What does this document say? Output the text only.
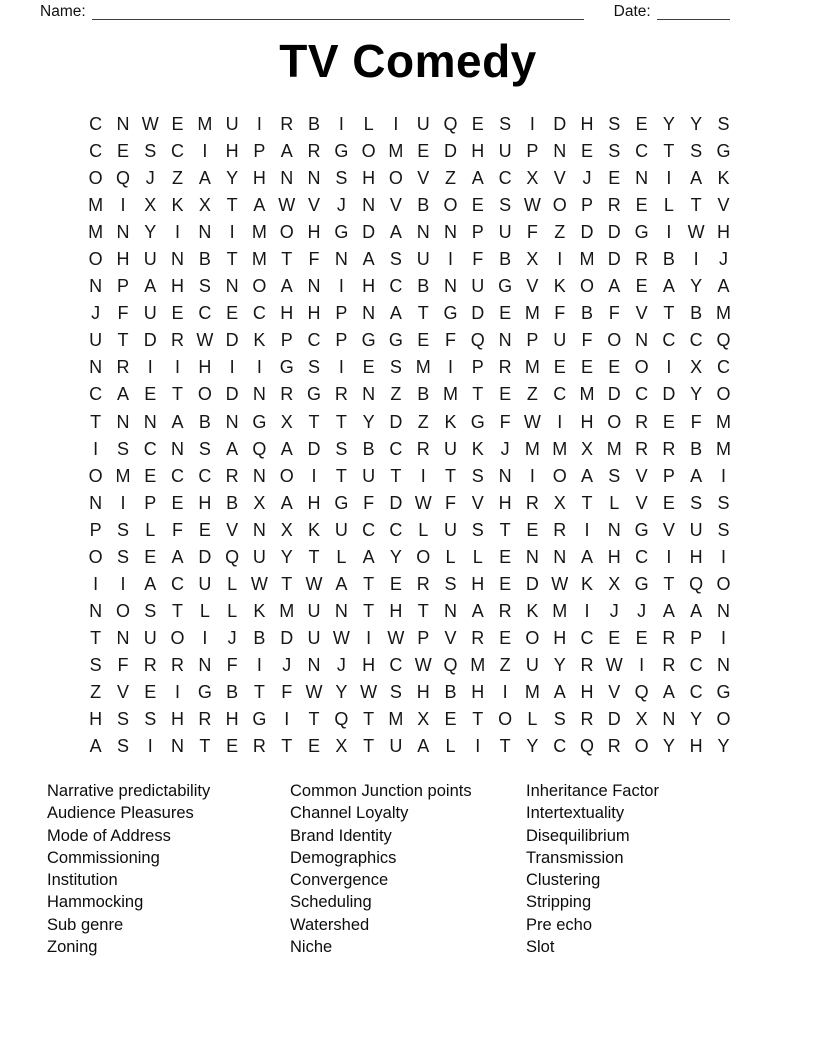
Name:	Date:
TV Comedy
C N W E M U	I	R B	I	L	I	U Q E S	I	D H S E Y Y S
C E S C	I	H P A R G O M E D H U P N E S C T S G
O Q J Z A Y H N N S H O V Z A C X V J E N	I	A K
M I	X K X T A W V J N V B O E S W O P R E L T V
M N Y	I	N	I M O H G D A N N P U F Z D D G I W H
O H U N B T M T F N A S U	I	F B X	I M D R B	I	J
N P A H S N O A N	I	H C B N U G V K O A E A Y A
J F U E C E C H H P N A T G D E M F B F V T B M
U T D R W D K P C P G G E F Q N P U F O N C C Q
N R	I	I	H	I	I G S	I	E S M I	P R M E E E O I	X C
C A E T O D N R G R N Z B M T E Z C M D C D Y O
T N N A B N G X T T Y D Z K G F W I	H O R E F M
I	S C N S A Q A D S B C R U K J M M X M R R B M
O M E C C R N O I	T U T	I	T S N	I O A S V P A	I
N	I	P E H B X A H G F D W F V H R X T L V E S S
P S L F E V N X K U C C L U S T E R	I	N G V U S
O S E A D Q U Y T L A Y O L L E N N A H C	I	H	I
I	I	A C U L W T W A T E R S H E D W K X G T Q O
N O S T L L K M U N T H T N A R K M I	J	J A A N
T N U O I	J B D U W I W P V R E O H C E E R P	I
S F R R N F	I	J N J H C W Q M Z U Y R W I	R C N
Z V E	I G B T F W Y W S H B H	I M A H V Q A C G
H S S H R H G I	T Q T M X E T O L S R D X N Y O
A S	I	N T E R T E X T U A L	I	T Y C Q R O Y H Y
Narrative predictability
Audience Pleasures
Mode of Address
Commissioning
Institution
Hammocking
Sub genre
Zoning
Common Junction points
Channel Loyalty
Brand Identity
Demographics
Convergence
Scheduling
Watershed
Niche
Inheritance Factor
Intertextuality
Disequilibrium
Transmission
Clustering
Stripping
Pre echo
Slot
